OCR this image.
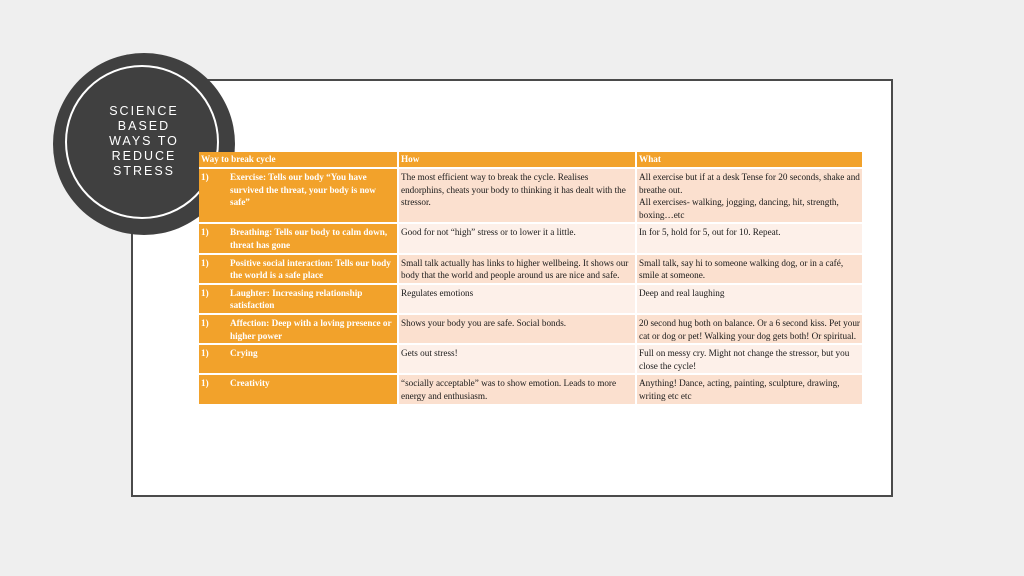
SCIENCE
BASED
WAYS TO
REDUCE
STRESS
Way to break cycle	How	What

1) Exercise: Tells our body “You have survived the threat, your body is now safe”	The most efficient way to break the cycle. Realises endorphins, cheats your body to thinking it has dealt with the stressor.	All exercise but if at a desk Tense for 20 seconds, shake and breathe out.
All exercises- walking, jogging, dancing, hit, strength, boxing…etc

1) Breathing: Tells our body to calm down, threat has gone	Good for not “high” stress or to lower it a little.	In for 5, hold for 5, out for 10. Repeat.

1) Positive social interaction: Tells our body the world is a safe place	Small talk actually has links to higher wellbeing. It shows our body that the world and people around us are nice and safe.	Small talk, say hi to someone walking dog, or in a café, smile at someone.

1) Laughter: Increasing relationship satisfaction	Regulates emotions	Deep and real laughing

1) Affection: Deep with a loving presence or higher power	Shows your body you are safe. Social bonds.	20 second hug both on balance. Or a 6 second kiss. Pet your cat or dog or pet! Walking your dog gets both! Or spiritual.

1) Crying	Gets out stress!	Full on messy cry. Might not change the stressor, but you close the cycle!

1) Creativity	“socially acceptable” was to show emotion. Leads to more energy and enthusiasm.	Anything! Dance, acting, painting, sculpture, drawing, writing etc etc
